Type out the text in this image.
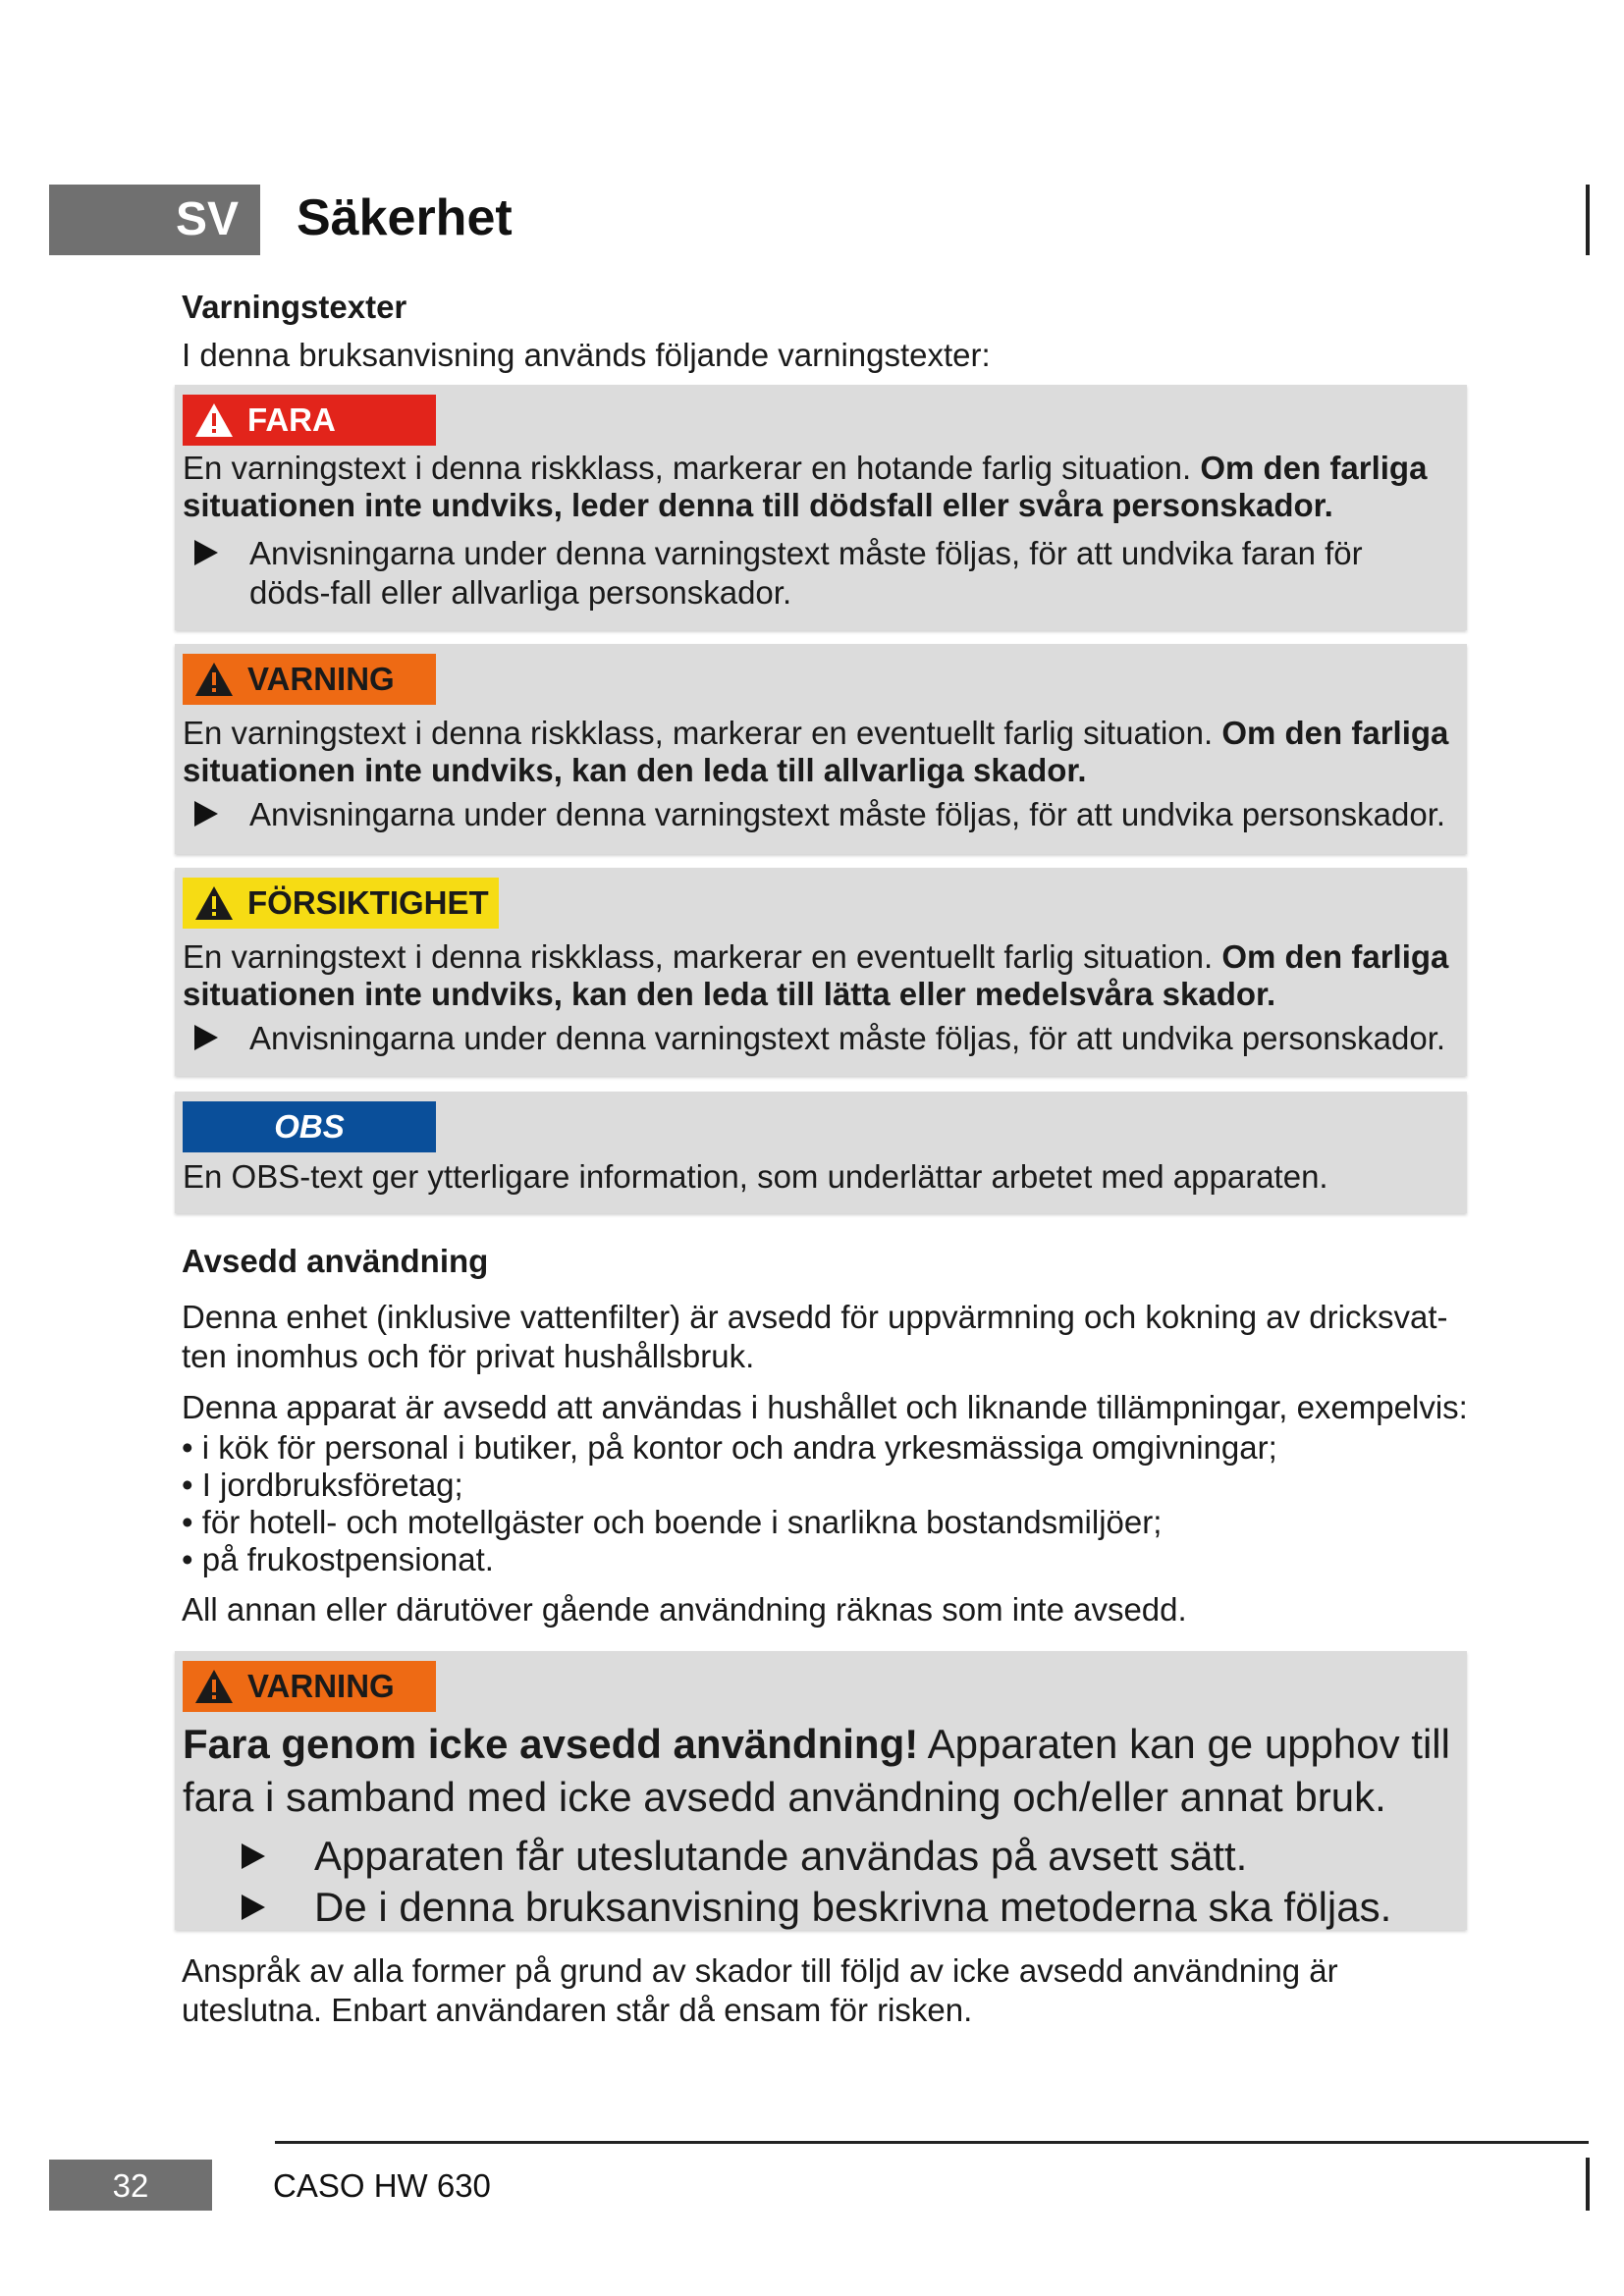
SV Säkerhet
Varningstexter
I denna bruksanvisning används följande varningstexter:
FARA
En varningstext i denna riskklass, markerar en hotande farlig situation. Om den farliga situationen inte undviks, leder denna till dödsfall eller svåra personskador.
Anvisningarna under denna varningstext måste följas, för att undvika faran för döds-fall eller allvarliga personskador.
VARNING
En varningstext i denna riskklass, markerar en eventuellt farlig situation. Om den farliga situationen inte undviks, kan den leda till allvarliga skador.
Anvisningarna under denna varningstext måste följas, för att undvika personskador.
FÖRSIKTIGHET
En varningstext i denna riskklass, markerar en eventuellt farlig situation. Om den farliga situationen inte undviks, kan den leda till lätta eller medelsvåra skador.
Anvisningarna under denna varningstext måste följas, för att undvika personskador.
OBS
En OBS-text ger ytterligare information, som underlättar arbetet med apparaten.
Avsedd användning
Denna enhet (inklusive vattenfilter) är avsedd för uppvärmning och kokning av dricksvat-ten inomhus och för privat hushållsbruk.
Denna apparat är avsedd att användas i hushållet och liknande tillämpningar, exempelvis:
• i kök för personal i butiker, på kontor och andra yrkesmässiga omgivningar;
• I jordbruksföretag;
• för hotell- och motellgäster och boende i snarlikna bostandsmiljöer;
• på frukostpensionat.
All annan eller därutöver gående användning räknas som inte avsedd.
VARNING
Fara genom icke avsedd användning! Apparaten kan ge upphov till fara i samband med icke avsedd användning och/eller annat bruk.
Apparaten får uteslutande användas på avsett sätt.
De i denna bruksanvisning beskrivna metoderna ska följas.
Anspråk av alla former på grund av skador till följd av icke avsedd användning är uteslutna. Enbart användaren står då ensam för risken.
32	CASO HW 630
